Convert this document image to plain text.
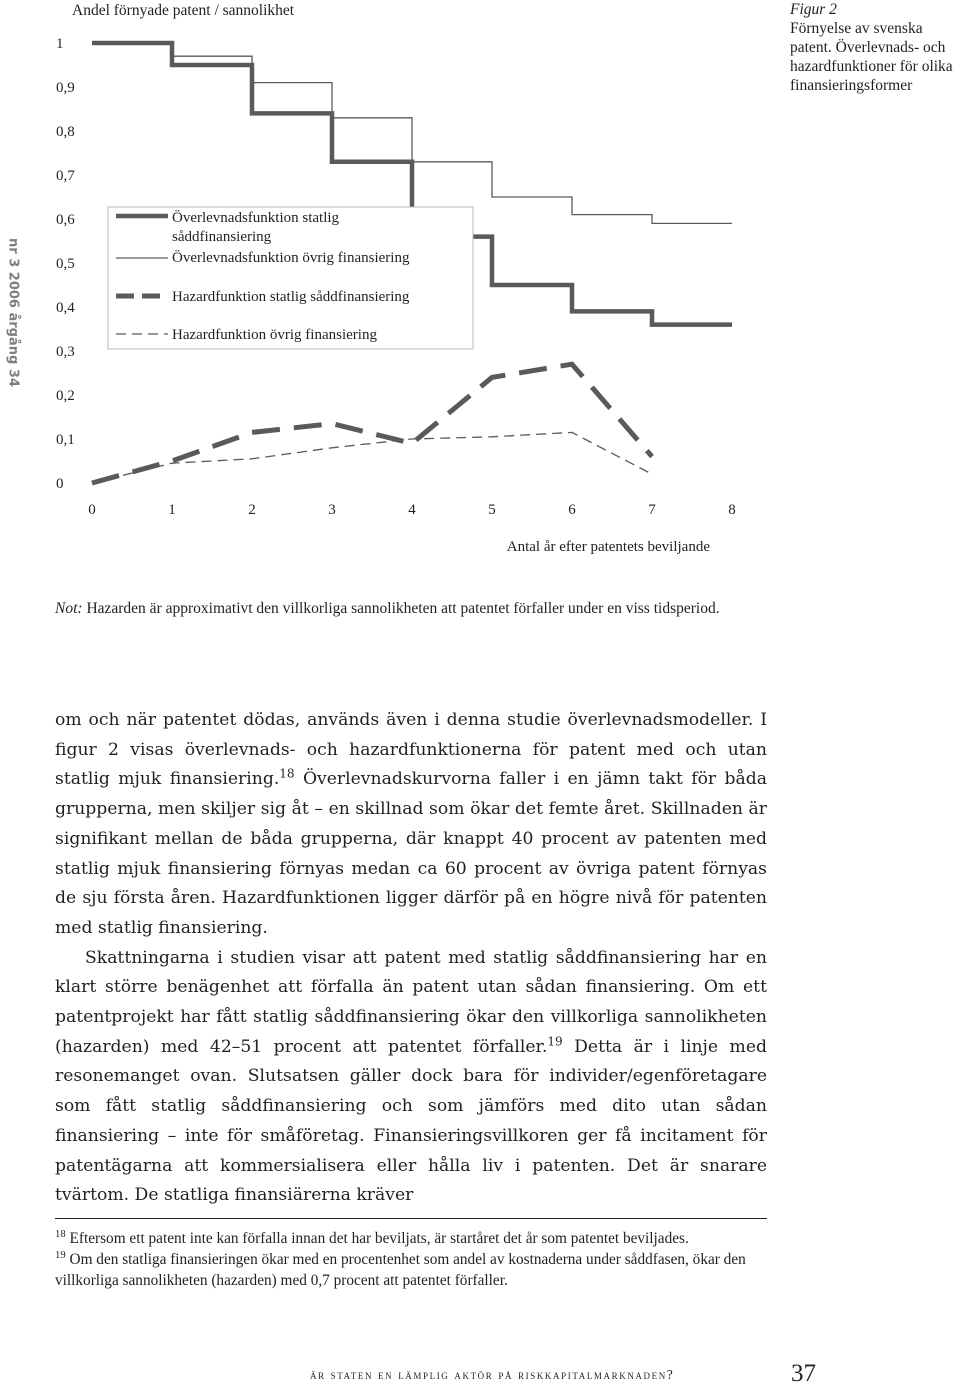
nr 3 2006 årgång 34
Andel förnyade patent / sannolikhet	Figur 2
Förnyelse av svenska patent. Överlevnads- och hazardfunktioner för olika finansieringsformer
0
0,1
0,2
0,3
0,4
0,5
0,6
0,7
0,8
0,9
1
0	1	2	3	4	5	6	7	8
Överlevnadsfunktion statlig
såddfinansiering
Överlevnadsfunktion övrig finansiering
Hazardfunktion statlig såddfinansiering
Hazardfunktion övrig finansiering
Antal år efter patentets beviljande
Not: Hazarden är approximativt den villkorliga sannolikheten att patentet förfaller under en viss tidsperiod.

om och när patentet dödas, används även i denna studie överlevnadsmodeller. I figur 2 visas överlevnads- och hazardfunktionerna för patent med och utan statlig mjuk finansiering.$^{18}$ Överlevnadskurvorna faller i en jämn takt för båda grupperna, men skiljer sig åt – en skillnad som ökar det femte året. Skillnaden är signifikant mellan de båda grupperna, där knappt 40 procent av patenten med statlig mjuk finansiering förnyas medan ca 60 procent av övriga patent förnyas de sju första åren. Hazardfunktionen ligger därför på en högre nivå för patenten med statlig finansiering.

Skattningarna i studien visar att patent med statlig såddfinansiering har en klart större benägenhet att förfalla än patent utan sådan finansiering. Om ett patentprojekt har fått statlig såddfinansiering ökar den villkorliga sannolikheten (hazarden) med 42–51 procent att patentet förfaller.$^{19}$ Detta är i linje med resonemanget ovan. Slutsatsen gäller dock bara för individer/egenföretagare som fått statlig såddfinansiering och som jämförs med dito utan sådan finansiering – inte för småföretag. Finansieringsvillkoren ger få incitament för patentägarna att kommersialisera eller hålla liv i patenten. Det är snarare tvärtom. De statliga finansiärerna kräver

$^{18}$ Eftersom ett patent inte kan förfalla innan det har beviljats, är startåret det år som patentet beviljades.

$^{19}$ Om den statliga finansieringen ökar med en procentenhet som andel av kostnaderna under såddfasen, ökar den villkorliga sannolikheten (hazarden) med 0,7 procent att patentet förfaller.

är staten en lämplig aktör på riskkapitalmarknaden?	37
